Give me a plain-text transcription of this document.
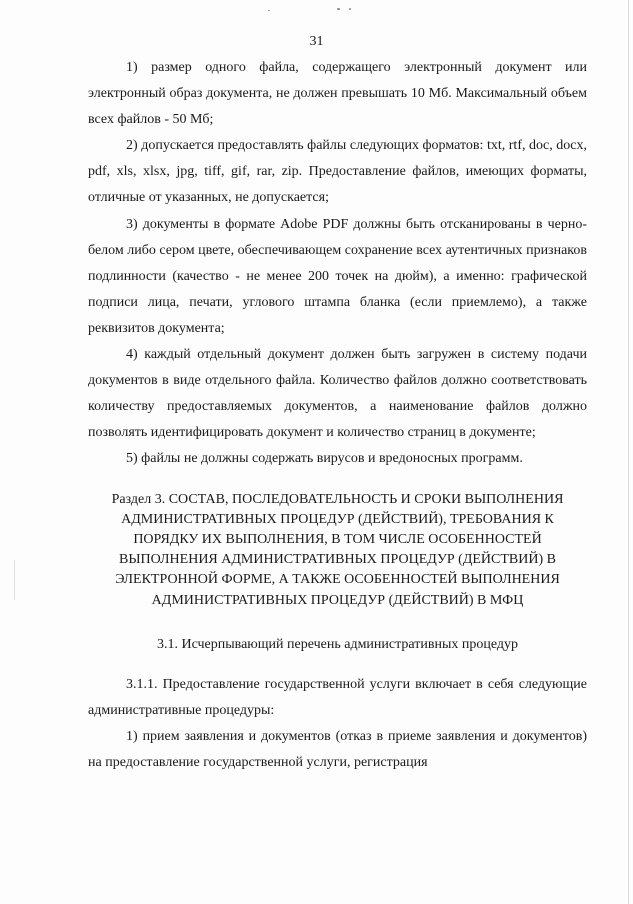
31

1) размер одного файла, содержащего электронный документ или электронный образ документа, не должен превышать 10 Мб. Максимальный объем всех файлов - 50 Мб;

2) допускается предоставлять файлы следующих форматов: txt, rtf, doc, docx, pdf, xls, xlsx, jpg, tiff, gif, rar, zip. Предоставление файлов, имеющих форматы, отличные от указанных, не допускается;

3) документы в формате Adobe PDF должны быть отсканированы в черно-белом либо сером цвете, обеспечивающем сохранение всех аутентичных признаков подлинности (качество - не менее 200 точек на дюйм), а именно: графической подписи лица, печати, углового штампа бланка (если приемлемо), а также реквизитов документа;

4) каждый отдельный документ должен быть загружен в систему подачи документов в виде отдельного файла. Количество файлов должно соответствовать количеству предоставляемых документов, а наименование файлов должно позволять идентифицировать документ и количество страниц в документе;

5) файлы не должны содержать вирусов и вредоносных программ.

Раздел 3. СОСТАВ, ПОСЛЕДОВАТЕЛЬНОСТЬ И СРОКИ ВЫПОЛНЕНИЯ
АДМИНИСТРАТИВНЫХ ПРОЦЕДУР (ДЕЙСТВИЙ), ТРЕБОВАНИЯ К
ПОРЯДКУ ИХ ВЫПОЛНЕНИЯ, В ТОМ ЧИСЛЕ ОСОБЕННОСТЕЙ
ВЫПОЛНЕНИЯ АДМИНИСТРАТИВНЫХ ПРОЦЕДУР (ДЕЙСТВИЙ) В
ЭЛЕКТРОННОЙ ФОРМЕ, А ТАКЖЕ ОСОБЕННОСТЕЙ ВЫПОЛНЕНИЯ
АДМИНИСТРАТИВНЫХ ПРОЦЕДУР (ДЕЙСТВИЙ) В МФЦ
3.1. Исчерпывающий перечень административных процедур

3.1.1. Предоставление государственной услуги включает в себя следующие административные процедуры:

1) прием заявления и документов (отказ в приеме заявления и документов) на предоставление государственной услуги, регистрация
